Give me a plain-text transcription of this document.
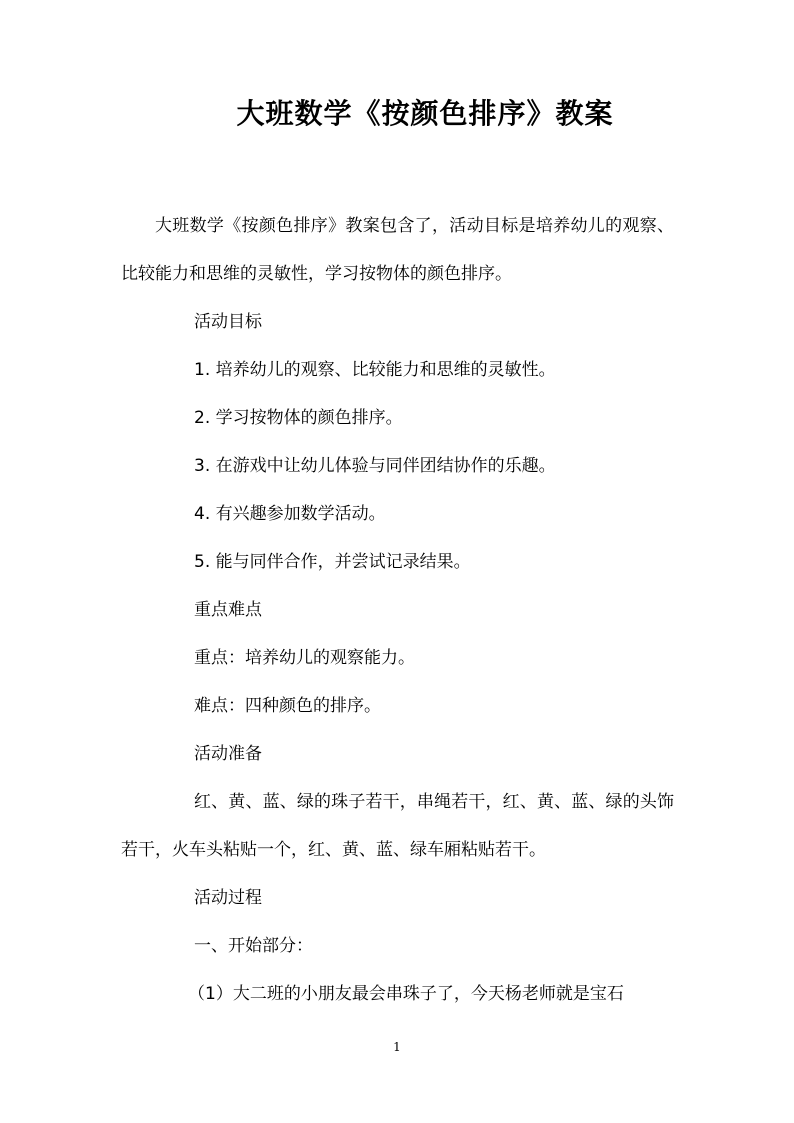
大班数学《按颜色排序》教案

大班数学《按颜色排序》教案包含了，活动目标是培养幼儿的观察、比较能力和思维的灵敏性，学习按物体的颜色排序。

活动目标

1. 培养幼儿的观察、比较能力和思维的灵敏性。

2. 学习按物体的颜色排序。

3. 在游戏中让幼儿体验与同伴团结协作的乐趣。

4. 有兴趣参加数学活动。

5. 能与同伴合作，并尝试记录结果。

重点难点

重点：培养幼儿的观察能力。

难点：四种颜色的排序。

活动准备

红、黄、蓝、绿的珠子若干，串绳若干，红、黄、蓝、绿的头饰若干，火车头粘贴一个，红、黄、蓝、绿车厢粘贴若干。

活动过程

一、开始部分：

（1）大二班的小朋友最会串珠子了，今天杨老师就是宝石

1
